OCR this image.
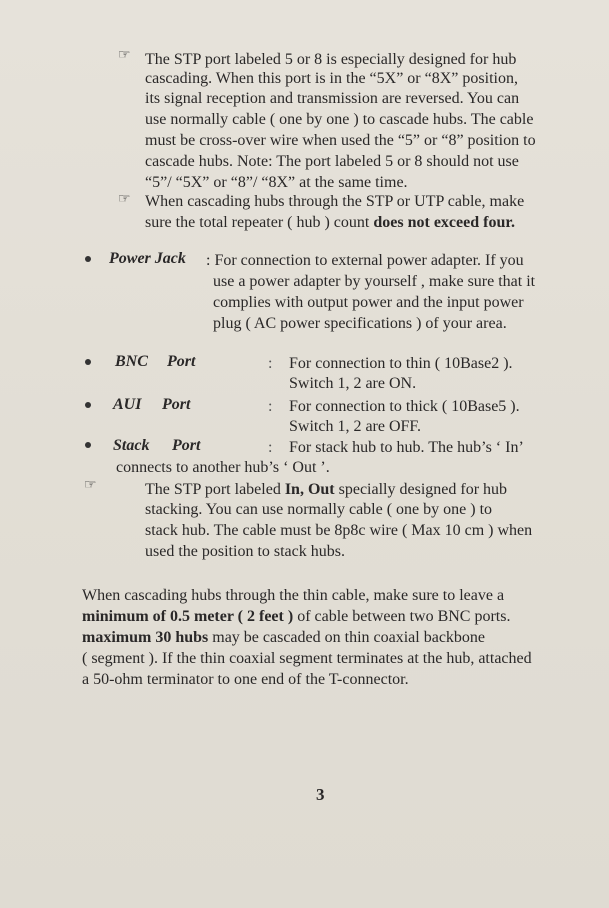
☞ The STP port labeled 5 or 8 is especially designed for hub
cascading. When this port is in the “5X” or “8X” position,
its signal reception and transmission are reversed. You can
use normally cable ( one by one ) to cascade hubs. The cable
must be cross-over wire when used the “5” or “8” position to
cascade hubs. Note: The port labeled 5 or 8 should not use
“5”/ “5X” or “8”/ “8X” at the same time.
☞ When cascading hubs through the STP or UTP cable, make
sure the total repeater ( hub ) count does not exceed four.
Power Jack : For connection to external power adapter. If you
use a power adapter by yourself , make sure that it
complies with output power and the input power
plug ( AC power specifications ) of your area.
BNC Port	: For connection to thin ( 10Base2 ).
Switch 1, 2 are ON.
AUI Port	: For connection to thick ( 10Base5 ).
Switch 1, 2 are OFF.
Stack Port	: For stack hub to hub. The hub’s ‘ In’
connects to another hub’s ‘ Out ’.
☞	The STP port labeled In, Out specially designed for hub
stacking. You can use normally cable ( one by one ) to
stack hub. The cable must be 8p8c wire ( Max 10 cm ) when
used the position to stack hubs.
When cascading hubs through the thin cable, make sure to leave a
minimum of 0.5 meter ( 2 feet ) of cable between two BNC ports.
maximum 30 hubs may be cascaded on thin coaxial backbone
( segment ). If the thin coaxial segment terminates at the hub, attached
a 50-ohm terminator to one end of the T-connector.
3
